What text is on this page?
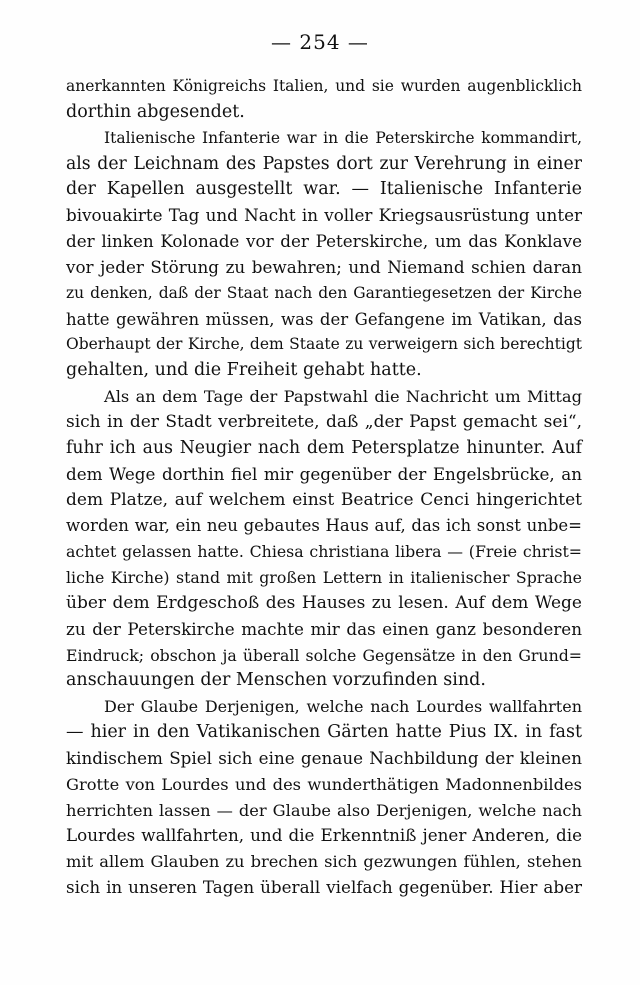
— 254 —
anerkannten Königreichs Italien, und sie wurden augenblicklich
dorthin abgesendet.
Italienische Infanterie war in die Peterskirche kommandirt,
als der Leichnam des Papstes dort zur Verehrung in einer
der Kapellen ausgestellt war. — Italienische Infanterie
bivouakirte Tag und Nacht in voller Kriegsausrüstung unter
der linken Kolonade vor der Peterskirche, um das Konklave
vor jeder Störung zu bewahren; und Niemand schien daran
zu denken, daß der Staat nach den Garantiegesetzen der Kirche
hatte gewähren müssen, was der Gefangene im Vatikan, das
Oberhaupt der Kirche, dem Staate zu verweigern sich berechtigt
gehalten, und die Freiheit gehabt hatte.
Als an dem Tage der Papstwahl die Nachricht um Mittag
sich in der Stadt verbreitete, daß „der Papst gemacht sei“,
fuhr ich aus Neugier nach dem Petersplatze hinunter. Auf
dem Wege dorthin fiel mir gegenüber der Engelsbrücke, an
dem Platze, auf welchem einst Beatrice Cenci hingerichtet
worden war, ein neu gebautes Haus auf, das ich sonst unbe=
achtet gelassen hatte. Chiesa christiana libera — (Freie christ=
liche Kirche) stand mit großen Lettern in italienischer Sprache
über dem Erdgeschoß des Hauses zu lesen. Auf dem Wege
zu der Peterskirche machte mir das einen ganz besonderen
Eindruck; obschon ja überall solche Gegensätze in den Grund=
anschauungen der Menschen vorzufinden sind.
Der Glaube Derjenigen, welche nach Lourdes wallfahrten
— hier in den Vatikanischen Gärten hatte Pius IX. in fast
kindischem Spiel sich eine genaue Nachbildung der kleinen
Grotte von Lourdes und des wunderthätigen Madonnenbildes
herrichten lassen — der Glaube also Derjenigen, welche nach
Lourdes wallfahrten, und die Erkenntniß jener Anderen, die
mit allem Glauben zu brechen sich gezwungen fühlen, stehen
sich in unseren Tagen überall vielfach gegenüber. Hier aber
